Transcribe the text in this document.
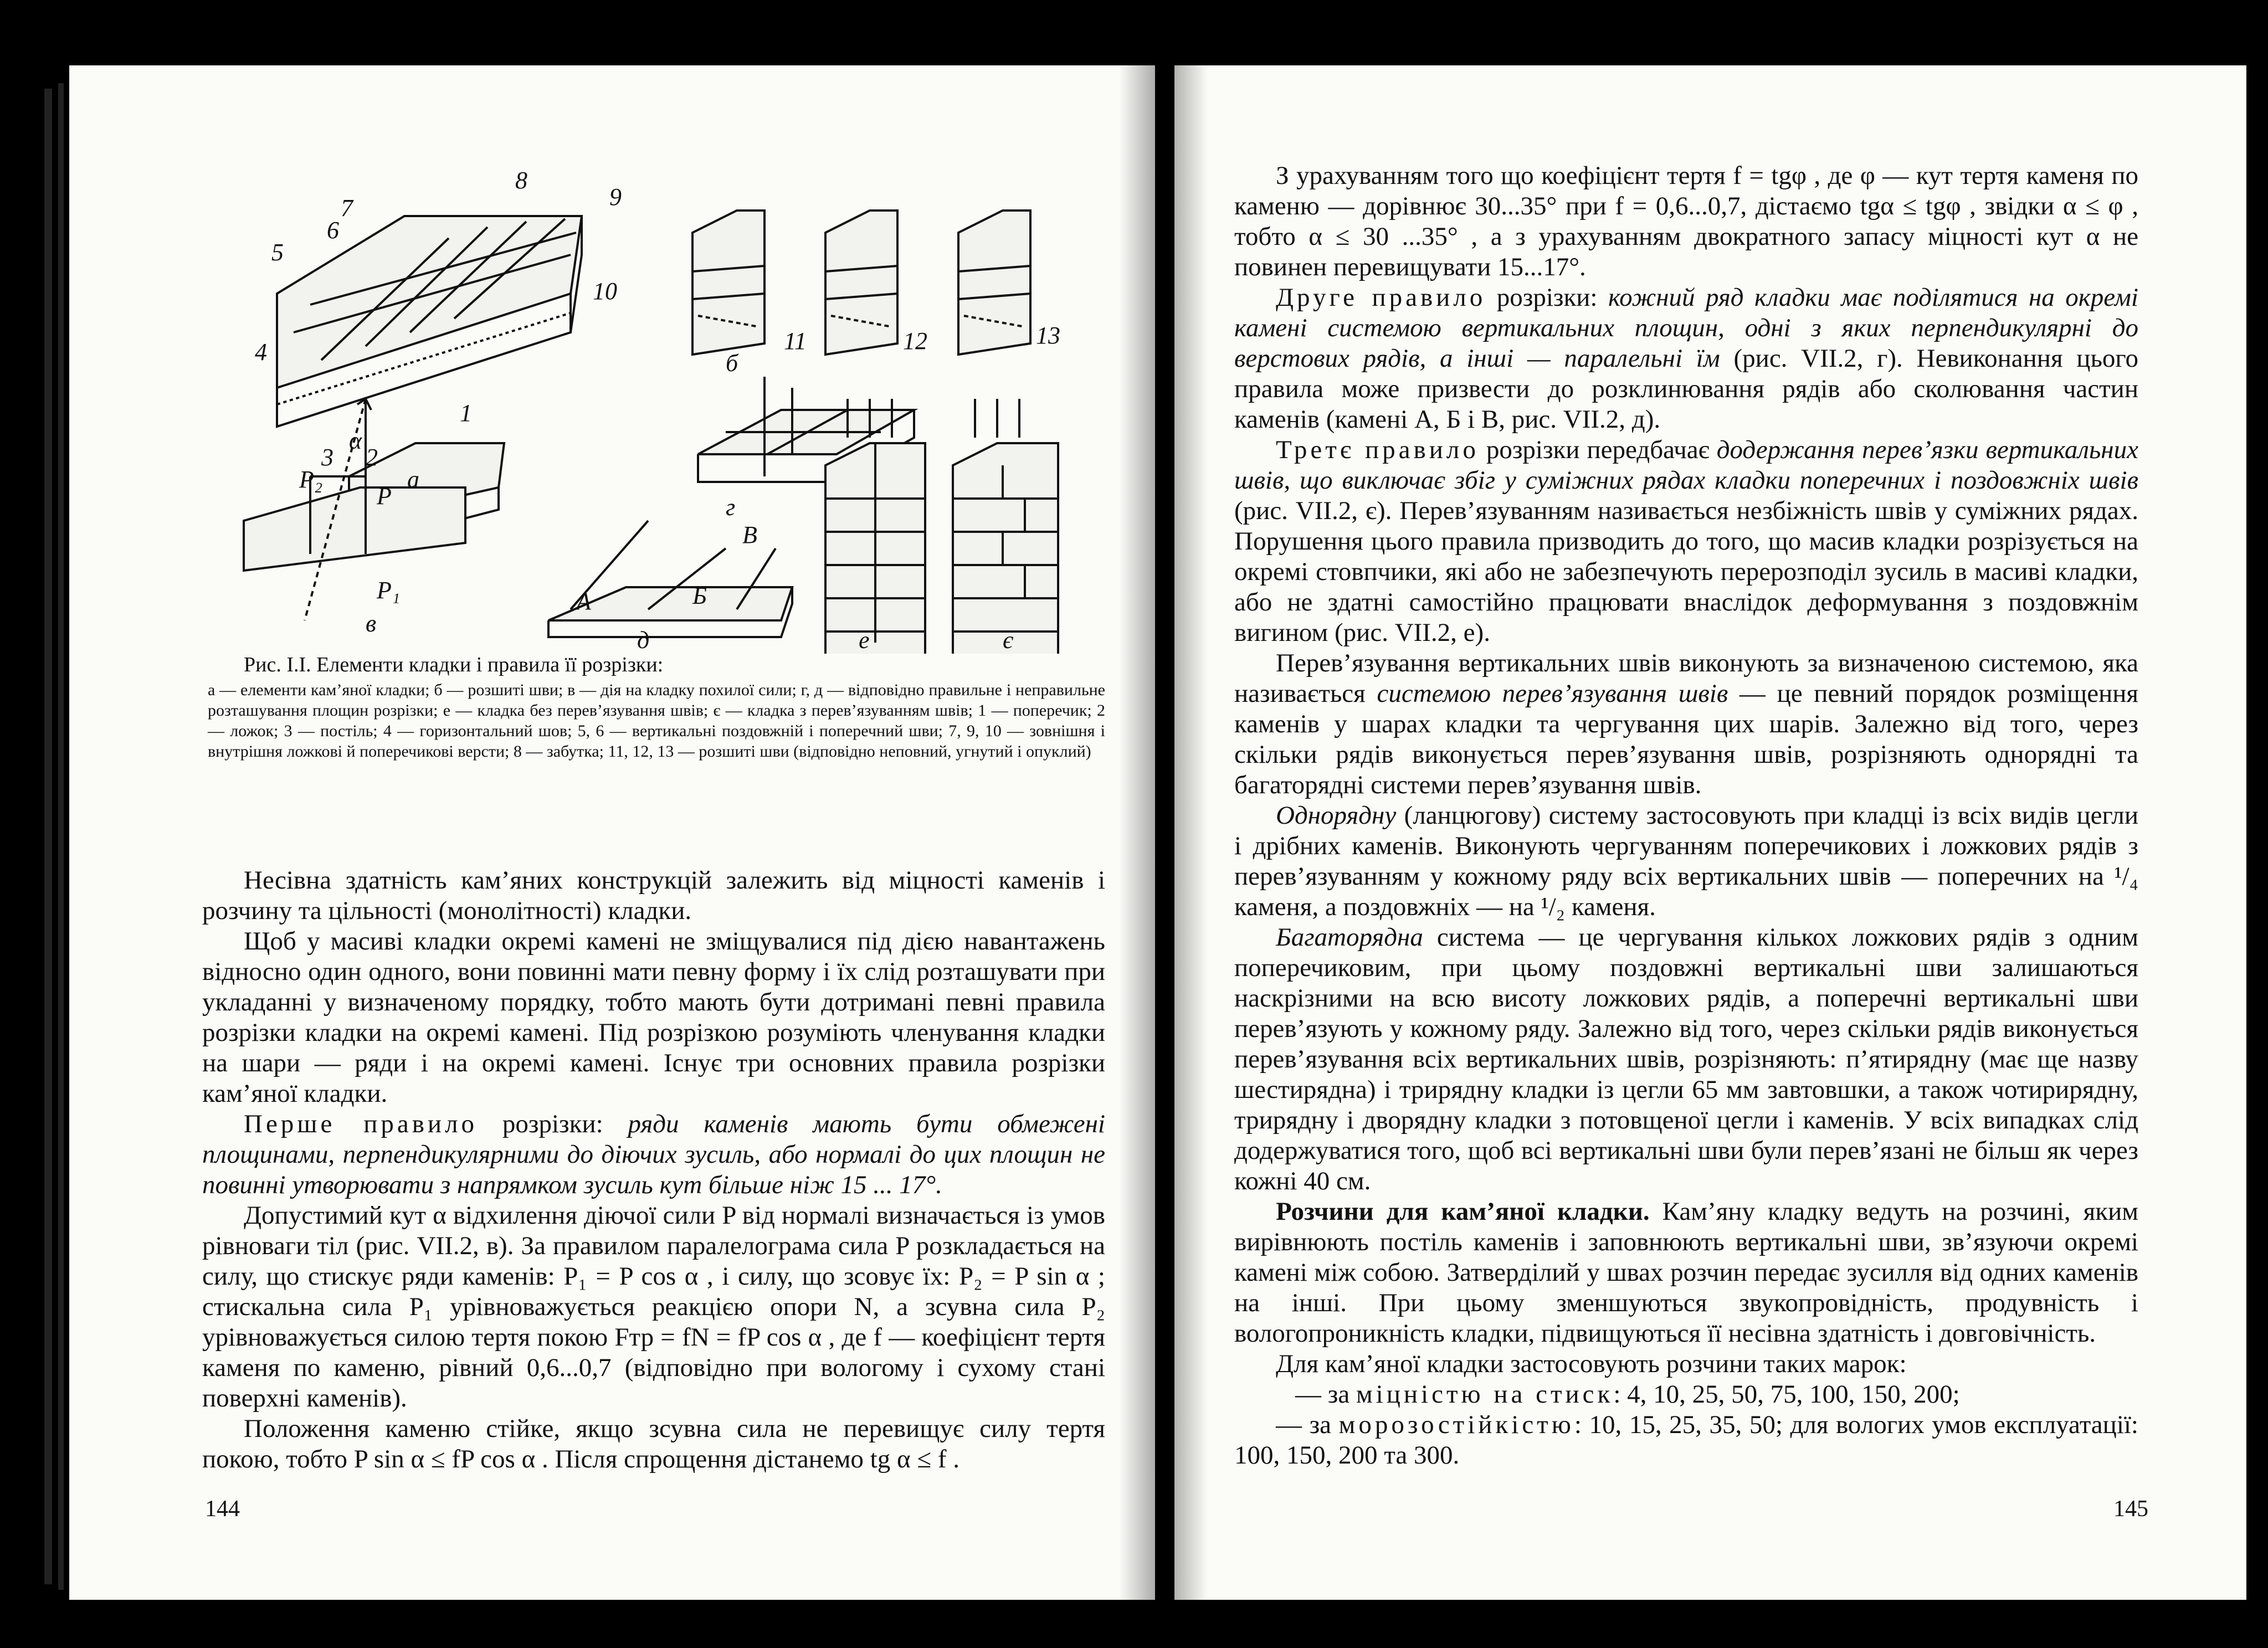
а
б
в
г
д	е	є
1
2
3
4
5
6
7
8
9
10
11	12	13
P
P₁
P₂
α
А	Б
В
Рис. І.І. Елементи кладки і правила її розрізки:
а — елементи кам’яної кладки; б — розшиті шви; в — дія на кладку похилої сили; г, д — відповідно правильне і неправильне розташування площин розрізки; е — кладка без перев’язування швів; є — кладка з перев’язуванням швів; 1 — поперечик; 2 — ложок; 3 — постіль; 4 — горизонтальний шов; 5, 6 — вертикальні поздовжній і поперечний шви; 7, 9, 10 — зовнішня і внутрішня ложкові й поперечикові версти; 8 — забутка; 11, 12, 13 — розшиті шви (відповідно неповний, угнутий і опуклий)

Несівна здатність кам’яних конструкцій залежить від міцності каменів і розчину та цільності (монолітності) кладки.

Щоб у масиві кладки окремі камені не зміщувалися під дією навантажень відносно один одного, вони повинні мати певну форму і їх слід розташувати при укладанні у визначеному порядку, тобто мають бути дотримані певні правила розрізки кладки на окремі камені. Під розрізкою розуміють членування кладки на шари — ряди і на окремі камені. Існує три основних правила розрізки кам’яної кладки.

Перше правило розрізки: ряди каменів мають бути обмежені площинами, перпендикулярними до діючих зусиль, або нормалі до цих площин не повинні утворювати з напрямком зусиль кут більше ніж 15 ... 17°.

Допустимий кут α відхилення діючої сили P від нормалі визначається із умов рівноваги тіл (рис. VII.2, в). За правилом паралелограма сила P розкладається на силу, що стискує ряди каменів: P₁ = P cos α , і силу, що зсовує їх: P₂ = P sin α ; стискальна сила P₁ урівноважується реакцією опори N, а зсувна сила P₂ урівноважується силою тертя покою Fтр = fN = fP cos α , де f — коефіцієнт тертя каменя по каменю, рівний 0,6...0,7 (відповідно при вологому і сухому стані поверхні каменів).

Положення каменю стійке, якщо зсувна сила не перевищує силу тертя покою, тобто P sin α ≤ fP cos α . Після спрощення дістанемо tg α ≤ f .

144

З урахуванням того що коефіцієнт тертя f = tgφ , де φ — кут тертя каменя по каменю — дорівнює 30...35° при f = 0,6...0,7, дістаємо tgα ≤ tgφ , звідки α ≤ φ , тобто α ≤ 30 ...35° , а з урахуванням двократного запасу міцності кут α не повинен перевищувати 15...17°.

Друге правило розрізки: кожний ряд кладки має поділятися на окремі камені системою вертикальних площин, одні з яких перпендикулярні до верстових рядів, а інші — паралельні їм (рис. VII.2, г). Невиконання цього правила може призвести до розклинювання рядів або сколювання частин каменів (камені А, Б і В, рис. VII.2, д).

Третє правило розрізки передбачає додержання перев’язки вертикальних швів, що виключає збіг у суміжних рядах кладки поперечних і поздовжніх швів (рис. VII.2, є). Перев’язуванням називається незбіжність швів у суміжних рядах. Порушення цього правила призводить до того, що масив кладки розрізується на окремі стовпчики, які або не забезпечують перерозподіл зусиль в масиві кладки, або не здатні самостійно працювати внаслідок деформування з поздовжнім вигином (рис. VII.2, е).

Перев’язування вертикальних швів виконують за визначеною системою, яка називається системою перев’язування швів — це певний порядок розміщення каменів у шарах кладки та чергування цих шарів. Залежно від того, через скільки рядів виконується перев’язування швів, розрізняють однорядні та багаторядні системи перев’язування швів.

Однорядну (ланцюгову) систему застосовують при кладці із всіх видів цегли і дрібних каменів. Виконують чергуванням поперечикових і ложкових рядів з перев’язуванням у кожному ряду всіх вертикальних швів — поперечних на ¹/₄ каменя, а поздовжніх — на ¹/₂ каменя.

Багаторядна система — це чергування кількох ложкових рядів з одним поперечиковим, при цьому поздовжні вертикальні шви залишаються наскрізними на всю висоту ложкових рядів, а поперечні вертикальні шви перев’язують у кожному ряду. Залежно від того, через скільки рядів виконується перев’язування всіх вертикальних швів, розрізняють: п’ятирядну (має ще назву шестирядна) і трирядну кладки із цегли 65 мм завтовшки, а також чотирирядну, трирядну і дворядну кладки з потовщеної цегли і каменів. У всіх випадках слід додержуватися того, щоб всі вертикальні шви були перев’язані не більш як через кожні 40 см.

Розчини для кам’яної кладки. Кам’яну кладку ведуть на розчині, яким вирівнюють постіль каменів і заповнюють вертикальні шви, зв’язуючи окремі камені між собою. Затверділий у швах розчин передає зусилля від одних каменів на інші. При цьому зменшуються звукопровідність, продувність і вологопроникність кладки, підвищуються її несівна здатність і довговічність.

Для кам’яної кладки застосовують розчини таких марок:

— за міцністю на стиск: 4, 10, 25, 50, 75, 100, 150, 200;

— за морозостійкістю: 10, 15, 25, 35, 50; для вологих умов експлуатації: 100, 150, 200 та 300.

145
